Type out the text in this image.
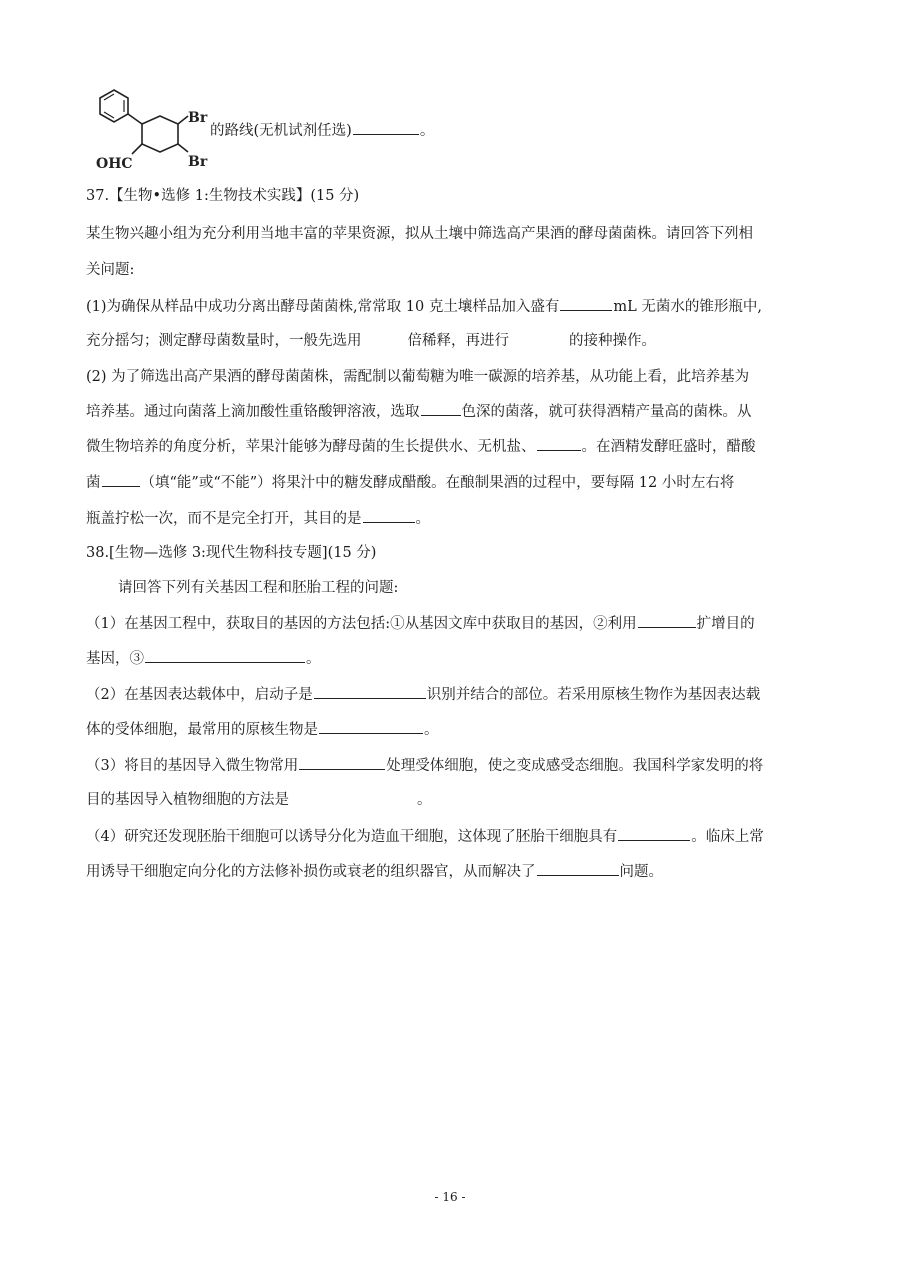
Br
Br
OHC
的路线(无机试剂任选)	。
37.【生物•选修 1:生物技术实践】(15 分)
某生物兴趣小组为充分利用当地丰富的苹果资源，拟从土壤中筛选高产果酒的酵母菌菌株。请回答下列相
关问题:
(1)为确保从样品中成功分离出酵母菌菌株,常常取 10 克土壤样品加入盛有	mL 无菌水的锥形瓶中,
充分摇匀；测定酵母菌数量时，一般先选用	倍稀释，再进行	的接种操作。
(2) 为了筛选出高产果酒的酵母菌菌株，需配制以葡萄糖为唯一碳源的培养基，从功能上看，此培养基为
培养基。通过向菌落上滴加酸性重铬酸钾溶液，选取	色深的菌落，就可获得酒精产量高的菌株。从
微生物培养的角度分析，苹果汁能够为酵母菌的生长提供水、无机盐、	。在酒精发酵旺盛时，醋酸
菌	（填“能”或“不能”）将果汁中的糖发酵成醋酸。在酿制果酒的过程中，要每隔 12 小时左右将
瓶盖拧松一次，而不是完全打开，其目的是	。
38.[生物—选修 3:现代生物科技专题](15 分)
请回答下列有关基因工程和胚胎工程的问题:
（1）在基因工程中，获取目的基因的方法包括:①从基因文库中获取目的基因，②利用	扩增目的
基因，③	。
（2）在基因表达载体中，启动子是	识别并结合的部位。若采用原核生物作为基因表达载
体的受体细胞，最常用的原核生物是	。
（3）将目的基因导入微生物常用	处理受体细胞，使之变成感受态细胞。我国科学家发明的将
目的基因导入植物细胞的方法是	。
（4）研究还发现胚胎干细胞可以诱导分化为造血干细胞，这体现了胚胎干细胞具有	。临床上常
用诱导干细胞定向分化的方法修补损伤或衰老的组织器官，从而解决了	问题。
- 16 -
